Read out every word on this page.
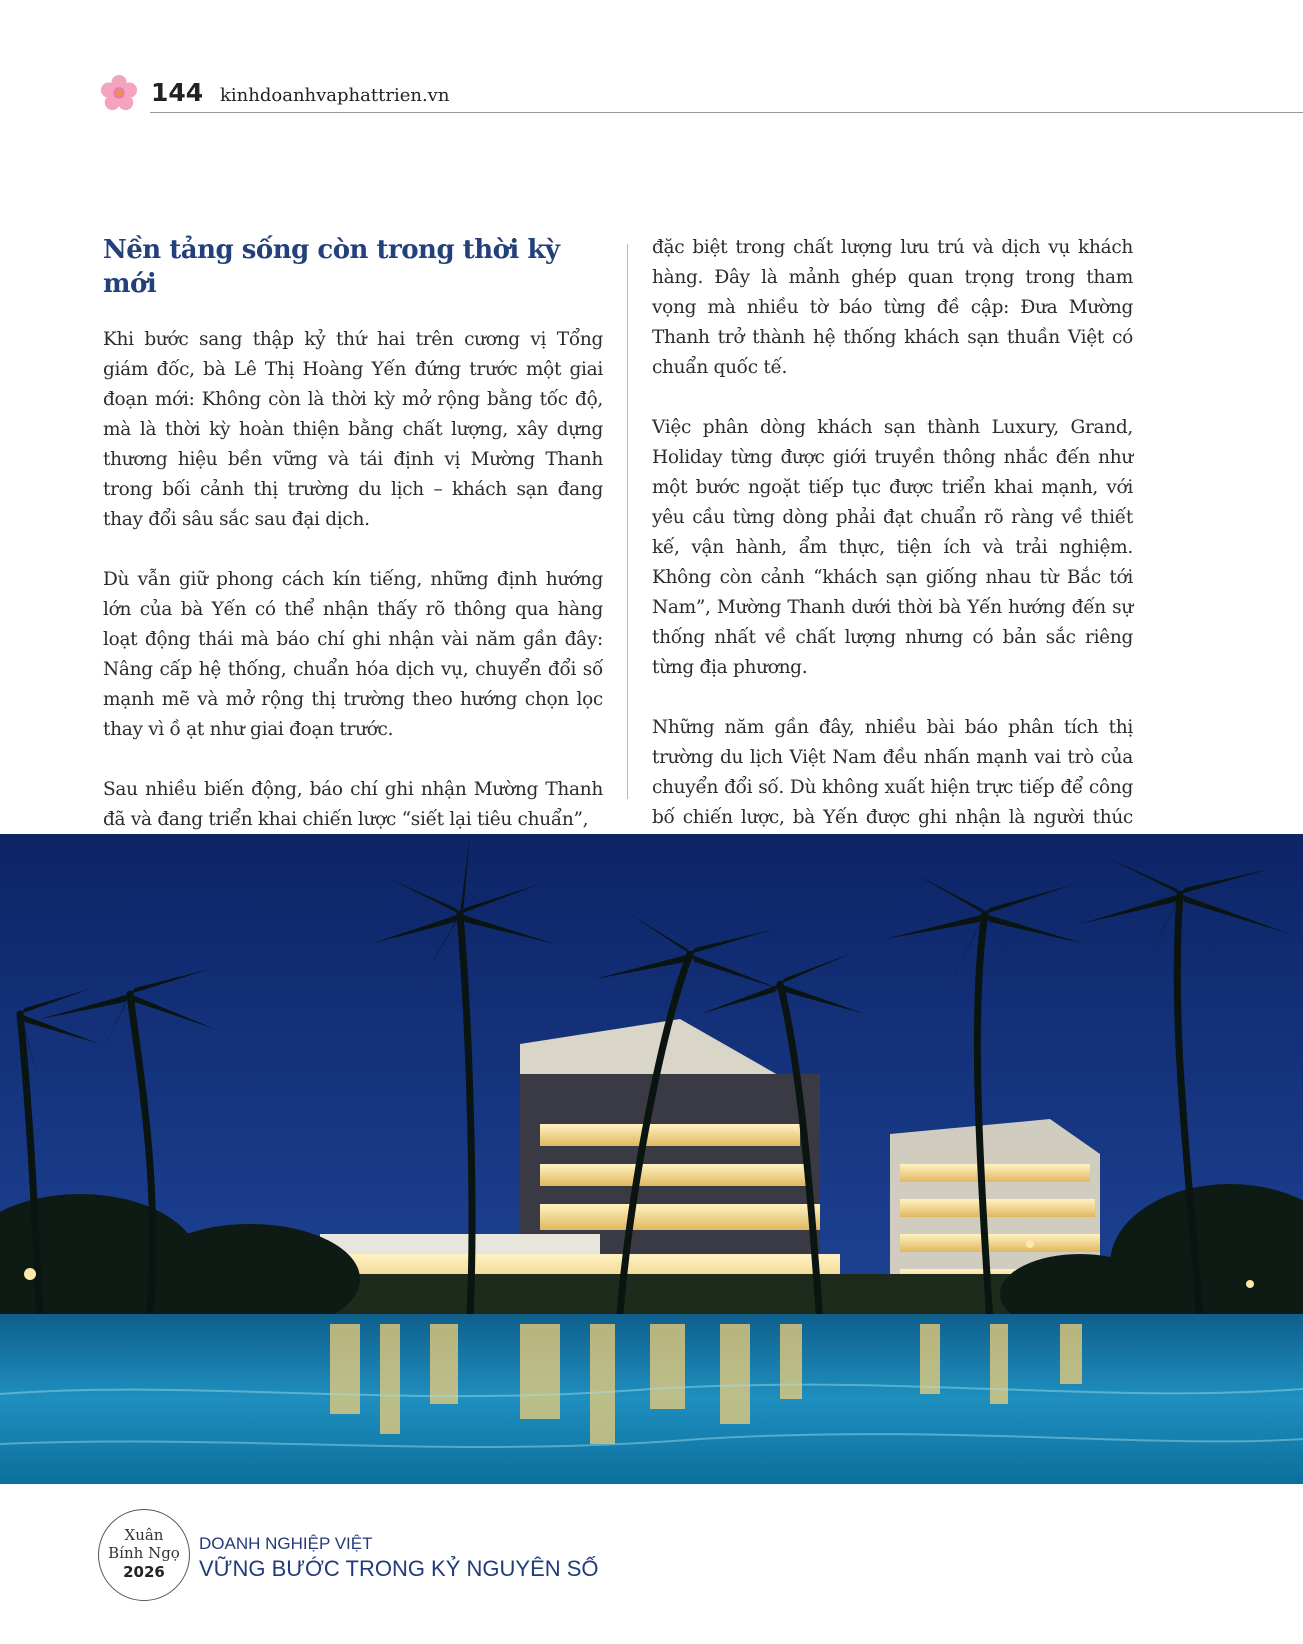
144 kinhdoanhvaphattrien.vn
Nền tảng sống còn trong thời kỳ mới

Khi bước sang thập kỷ thứ hai trên cương vị Tổng giám đốc, bà Lê Thị Hoàng Yến đứng trước một giai đoạn mới: Không còn là thời kỳ mở rộng bằng tốc độ, mà là thời kỳ hoàn thiện bằng chất lượng, xây dựng thương hiệu bền vững và tái định vị Mường Thanh trong bối cảnh thị trường du lịch – khách sạn đang thay đổi sâu sắc sau đại dịch.

Dù vẫn giữ phong cách kín tiếng, những định hướng lớn của bà Yến có thể nhận thấy rõ thông qua hàng loạt động thái mà báo chí ghi nhận vài năm gần đây: Nâng cấp hệ thống, chuẩn hóa dịch vụ, chuyển đổi số mạnh mẽ và mở rộng thị trường theo hướng chọn lọc thay vì ồ ạt như giai đoạn trước.

Sau nhiều biến động, báo chí ghi nhận Mường Thanh đã và đang triển khai chiến lược “siết lại tiêu chuẩn”,

đặc biệt trong chất lượng lưu trú và dịch vụ khách hàng. Đây là mảnh ghép quan trọng trong tham vọng mà nhiều tờ báo từng đề cập: Đưa Mường Thanh trở thành hệ thống khách sạn thuần Việt có chuẩn quốc tế.

Việc phân dòng khách sạn thành Luxury, Grand, Holiday từng được giới truyền thông nhắc đến như một bước ngoặt tiếp tục được triển khai mạnh, với yêu cầu từng dòng phải đạt chuẩn rõ ràng về thiết kế, vận hành, ẩm thực, tiện ích và trải nghiệm. Không còn cảnh “khách sạn giống nhau từ Bắc tới Nam”, Mường Thanh dưới thời bà Yến hướng đến sự thống nhất về chất lượng nhưng có bản sắc riêng từng địa phương.

Những năm gần đây, nhiều bài báo phân tích thị trường du lịch Việt Nam đều nhấn mạnh vai trò của chuyển đổi số. Dù không xuất hiện trực tiếp để công bố chiến lược, bà Yến được ghi nhận là người thúc

Xuân
Bính Ngọ
2026
DOANH NGHIỆP VIỆT
VỮNG BƯỚC TRONG KỶ NGUYÊN SỐ
